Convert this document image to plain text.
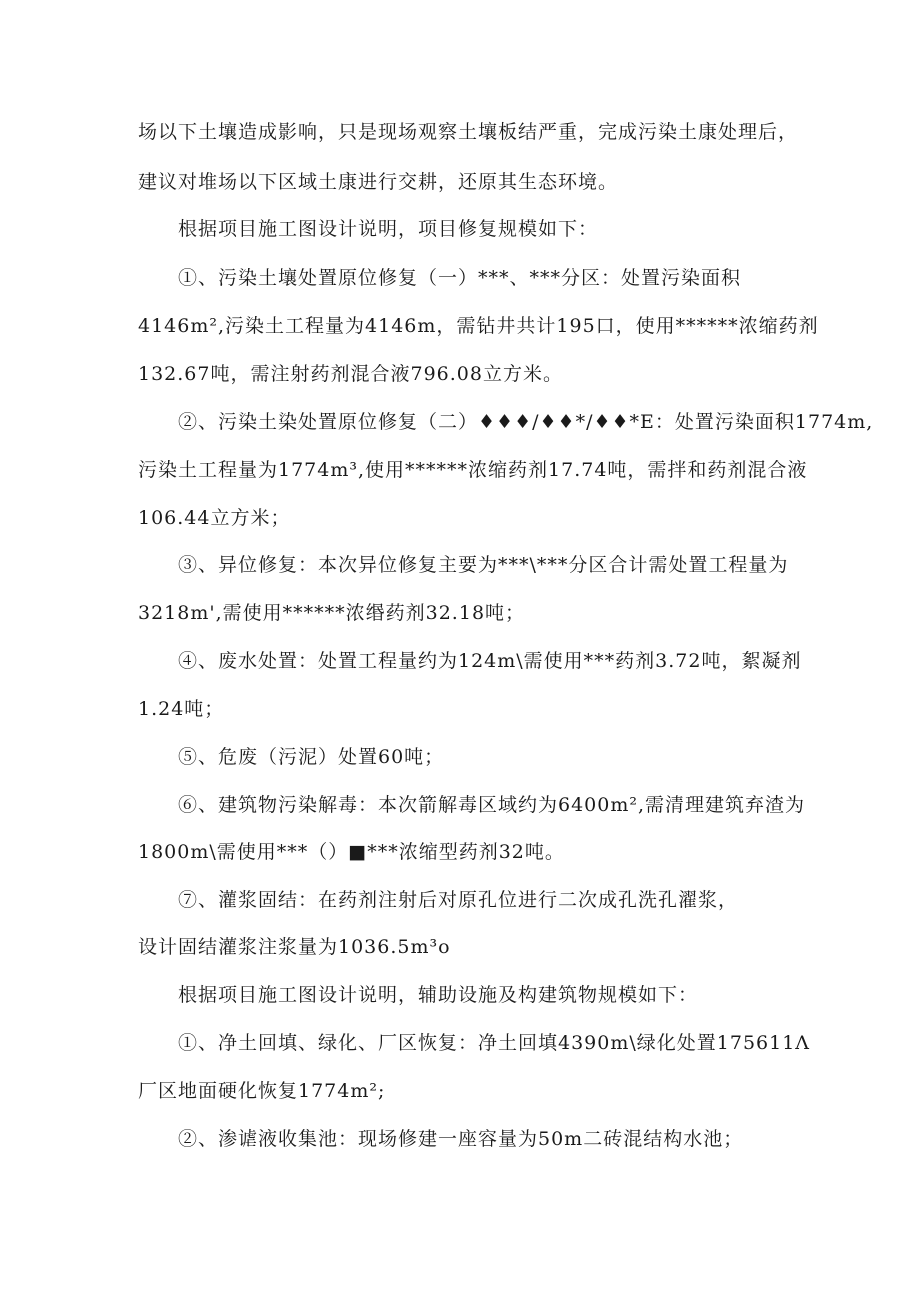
场以下土壤造成影响，只是现场观察土壤板结严重，完成污染土康处理后，
建议对堆场以下区域土康进行交耕，还原其生态环境。
根据项目施工图设计说明，项目修复规模如下：
①、污染土壤处置原位修复（一）***、***分区：处置污染面积
4146m²,污染土工程量为4146m，需钻井共计195口，使用******浓缩药剂
132.67吨，需注射药剂混合液796.08立方米。
②、污染土染处置原位修复（二）♦♦♦/♦♦*/♦♦*E：处置污染面积1774m,
污染土工程量为1774m³,使用******浓缩药剂17.74吨，需拌和药剂混合液
106.44立方米；
③、异位修复：本次异位修复主要为***\***分区合计需处置工程量为
3218m',需使用******浓缗药剂32.18吨；
④、废水处置：处置工程量约为124m\需使用***药剂3.72吨，絮凝剂
1.24吨；
⑤、危废（污泥）处置60吨；
⑥、建筑物污染解毒：本次箭解毒区域约为6400m²,需清理建筑弃渣为
1800m\需使用***（）■***浓缩型药剂32吨。
⑦、灌浆固结：在药剂注射后对原孔位进行二次成孔洗孔濯浆，
设计固结灌浆注浆量为1036.5m³o
根据项目施工图设计说明，辅助设施及构建筑物规模如下：
①、净土回填、绿化、厂区恢复：净土回填4390m\绿化处置175611Λ
厂区地面硬化恢复1774m²;
②、渗谑液收集池：现场修建一座容量为50m二砖混结构水池；
